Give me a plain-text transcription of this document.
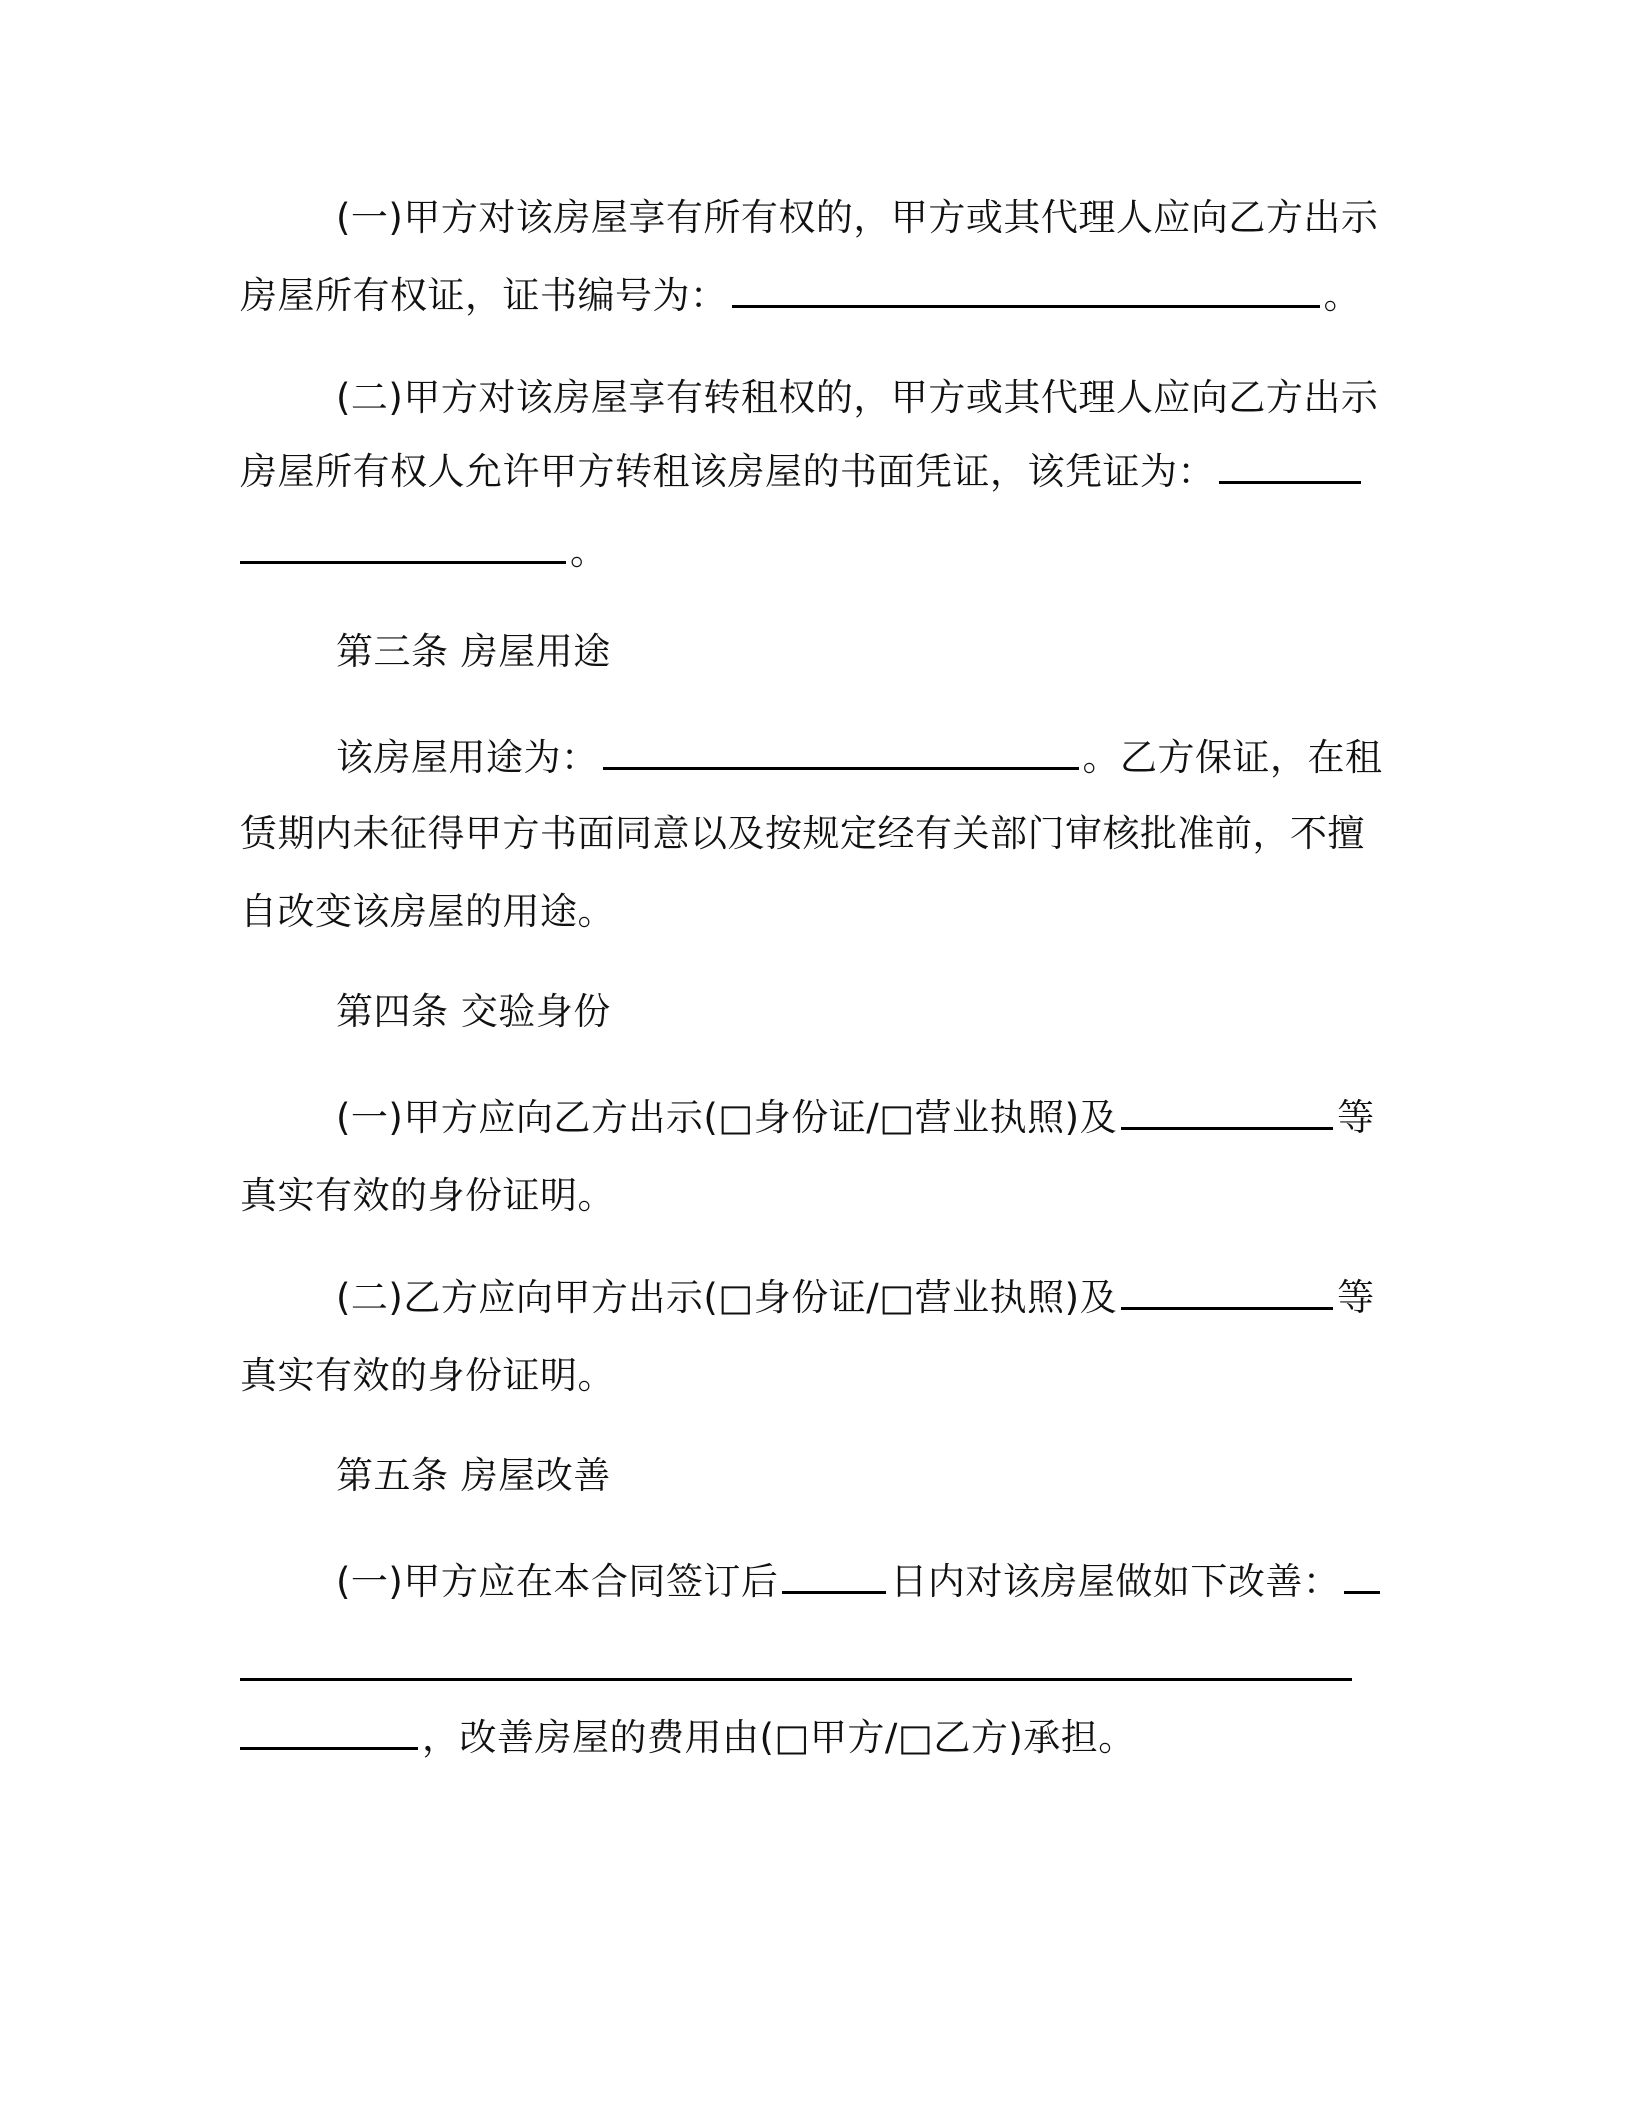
(一)甲方对该房屋享有所有权的，甲方或其代理人应向乙方出示
房屋所有权证，证书编号为：	。
(二)甲方对该房屋享有转租权的，甲方或其代理人应向乙方出示
房屋所有权人允许甲方转租该房屋的书面凭证，该凭证为：
。
第三条 房屋用途
该房屋用途为：	。乙方保证，在租
赁期内未征得甲方书面同意以及按规定经有关部门审核批准前，不擅
自改变该房屋的用途。
第四条 交验身份
(一)甲方应向乙方出示(□身份证/□营业执照)及	等
真实有效的身份证明。
(二)乙方应向甲方出示(□身份证/□营业执照)及	等
真实有效的身份证明。
第五条 房屋改善
(一)甲方应在本合同签订后	日内对该房屋做如下改善：
，改善房屋的费用由(□甲方/□乙方)承担。
